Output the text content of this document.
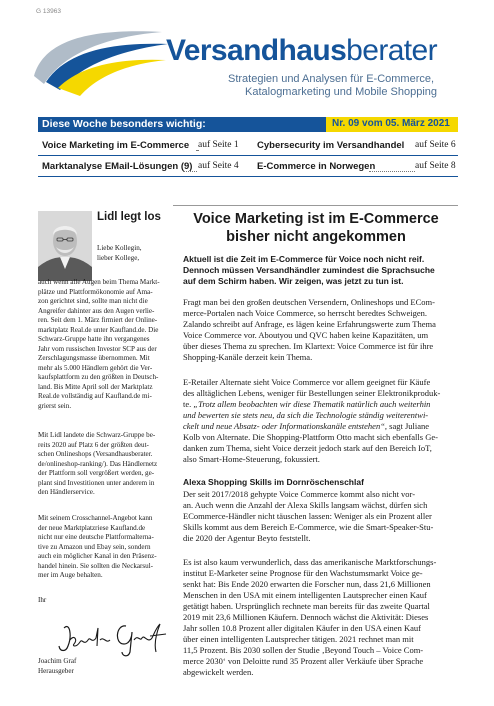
G 13963
Versandhausberater
Strategien und Analysen für E-Commerce,
Katalogmarketing und Mobile Shopping
Diese Woche besonders wichtig:	Nr. 09 vom 05. März 2021
Voice Marketing im E-Commerce auf Seite 1 Cybersecurity im Versandhandel auf Seite 6
Marktanalyse EMail-Lösungen (9) auf Seite 4 E-Commerce in Norwegen	auf Seite 8
Lidl legt los
Liebe Kollegin,
lieber Kollege,
auch wenn alle Augen beim Thema Markt-
plätze und Plattformökonomie auf Ama-
zon gerichtet sind, sollte man nicht die
Angreifer dahinter aus den Augen verlie-
ren. Seit dem 1. März firmiert der Online-
marktplatz Real.de unter Kaufland.de. Die
Schwarz-Gruppe hatte ihn vergangenes
Jahr vom russischen Investor SCP aus der
Zerschlagungsmasse übernommen. Mit
mehr als 5.000 Händlern gehört die Ver-
kaufsplattform zu den größten in Deutsch-
land. Bis Mitte April soll der Marktplatz
Real.de vollständig auf Kaufland.de mi-
grierst sein.
Mit Lidl landete die Schwarz-Gruppe be-
reits 2020 auf Platz 6 der größten deut-
schen Onlineshops (Versandhausberater.
de/onlineshop-ranking/). Das Händlernetz
der Plattform soll vergrößert werden, ge-
plant sind Investitionen unter anderem in
den Händlerservice.
Mit seinem Crosschannel-Angebot kann
der neue Marktplatzriese Kaufland.de
nicht nur eine deutsche Plattformalterna-
tive zu Amazon und Ebay sein, sondern
auch ein möglicher Kanal in den Präsenz-
handel hinein. Sie sollten die Neckarsul-
mer im Auge behalten.
Ihr
Joachim Graf
Herausgeber
Voice Marketing ist im E-Commerce
bisher nicht angekommen
Aktuell ist die Zeit im E-Commerce für Voice noch nicht reif.
Dennoch müssen Versandhändler zumindest die Sprachsuche
auf dem Schirm haben. Wir zeigen, was jetzt zu tun ist.
Fragt man bei den großen deutschen Versendern, Onlineshops und ECom-
merce-Portalen nach Voice Commerce, so herrscht beredtes Schweigen.
Zalando schreibt auf Anfrage, es lägen keine Erfahrungswerte zum Thema
Voice Commerce vor. Aboutyou und QVC haben keine Kapazitäten, um
über dieses Thema zu sprechen. Im Klartext: Voice Commerce ist für ihre
Shopping-Kanäle derzeit kein Thema.
E-Retailer Alternate sieht Voice Commerce vor allem geeignet für Käufe
des alltäglichen Lebens, weniger für Bestellungen seiner Elektronikproduk-
te. „Trotz allem beobachten wir diese Thematik natürlich auch weiterhin
und bewerten sie stets neu, da sich die Technologie ständig weiterentwi-
ckelt und neue Absatz- oder Informationskanäle entstehen“, sagt Juliane
Kolb von Alternate. Die Shopping-Plattform Otto macht sich ebenfalls Ge-
danken zum Thema, sieht Voice derzeit jedoch stark auf den Bereich IoT,
also Smart-Home-Steuerung, fokussiert.
Alexa Shopping Skills im Dornröschenschlaf
Der seit 2017/2018 gehypte Voice Commerce kommt also nicht vor-
an. Auch wenn die Anzahl der Alexa Skills langsam wächst, dürfen sich
ECommerce-Händler nicht täuschen lassen: Weniger als ein Prozent aller
Skills kommt aus dem Bereich E-Commerce, wie die Smart-Speaker-Stu-
die 2020 der Agentur Beyto feststellt.
Es ist also kaum verwunderlich, dass das amerikanische Marktforschungs-
institut E-Marketer seine Prognose für den Wachstumsmarkt Voice ge-
senkt hat: Bis Ende 2020 erwarten die Forscher nun, dass 21,6 Millionen
Menschen in den USA mit einem intelligenten Lautsprecher einen Kauf
getätigt haben. Ursprünglich rechnete man bereits für das zweite Quartal
2019 mit 23,6 Millionen Käufern. Dennoch wächst die Aktivität: Dieses
Jahr sollen 10.8 Prozent aller digitalen Käufer in den USA einen Kauf
über einen intelligenten Lautsprecher tätigen. 2021 rechnet man mit
11,5 Prozent. Bis 2030 sollen der Studie ‚Beyond Touch – Voice Com-
merce 2030‘ von Deloitte rund 35 Prozent aller Verkäufe über Sprache
abgewickelt werden.
